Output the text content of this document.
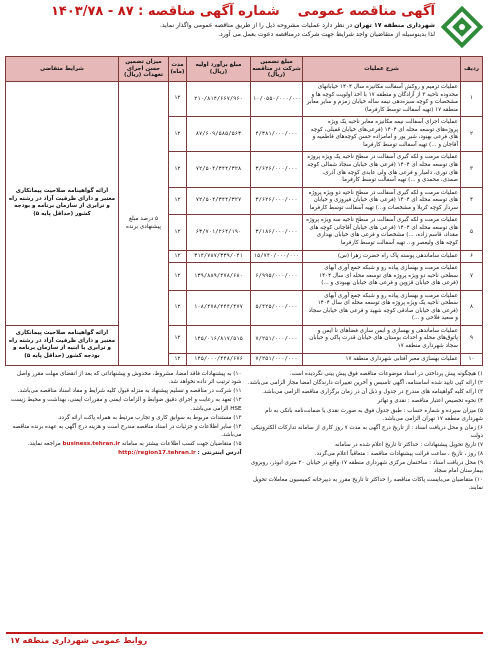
آگهی مناقصه عمومی    شماره آگهی مناقصه : ۸۷ - ۱۴۰۳/۷۸
شهرداری منطقه ۱۷ تهران در نظر دارد عملیات مشروحه ذیل را از طریق مناقصه عمومی واگذار نماید.
لذا بدینوسیله از متقاضیان واجد شرایط جهت شرکت درمناقصه دعوت بعمل می آورد.
ردیف	شرح عملیات	مبلغ تضمین شرکت در مناقصه (ریال)	مبلغ برآورد اولیه (ریال)	مدت (ماه)	میزان تضمین حسن اجرای تعهدات (ریال)	شرایط متقاضی
۱	عملیات ترمیم و روکش آسفالت مکانیزه سال ۱۴۰۴ خیابانهای محدوده ناحیه ۳ از آزادگان و منطقه ۱۷ با اخذ اولویت کوچه ها و مشخصات و کوچه سبزه‌دهی نیمه ساله خیابان زمزم و سایر معابر منطقه ۱۷ (تهیه آسفالت توسط کارفرما)	۱۰/۰۵۵۰/۰۰۰/۰۰۰	۲۱۰/۸۱۴/۶۶۷/۹۶۰	۱۲	۵ درصد مبلغ پیشنهادی برنده	ارائه گواهینامه صلاحیت پیمانکاری معتبر و دارای ظرفیت آزاد در رشته راه و ترابری از سازمان برنامه و بودجه کشور (حداقل پایه ۵)
۲	عملیات اجرای آسفالت نیمه مکانیزه معابر ناحیه یک ویژه پروژه‌های توسعه محله ای ۱۴۰۴ (فرعی‌های خیابان قفیلی، کوچه های فرعی بهبود، شیر پور و امامزاده حسن کوچه‌های فاطمیه و آقاجان و ...) تهیه آسفالت توسط کارفرما	۴/۳۸۱/۰۰۰/۰۰۰	۸۷/۶۰۹/۵۸۵/۵۶۳	۱۲		
۳	عملیات مرمت و لکه گیری آسفالت در سطح ناحیه یک ویژه پروژه های توسعه محله ای ۱۴۰۴ (فرعی های خیابان سجاد شمالی کوچه های نوری، دامیار و فرعی های ولی عابدی کوچه های آذری، صمدی، محمدی و ...) تهیه آسفالت توسط کارفرما	۳/۶۲۶/۰۰۰/۰۰۰	۷۲/۵۰۴/۳۴۴/۳۲۸	۱۲		
۴	عملیات مرمت و لکه گیری آسفالت در سطح ناحیه دو ویژه پروژه های توسعه محله ای ۱۴۰۴ (فرعی های خیابان فیروزی و خیابان سردار کوچه کربلا و مشخصات و...) تهیه آسفالت توسط کارفرما	۳/۶۲۶/۰۰۰/۰۰۰	۷۲/۵۰۴/۳۴۴/۳۲۷	۱۲		
۵	عملیات مرمت و لکه گیری آسفالت در سطح ناحیه سه ویژه پروژه های توسعه محله ای ۱۴۰۴ (فرعی های خیابان آقاجانی کوچه های مقداد، قاسم زاده، ...) مشخصات و فرعی های خیابان بهداری کوچه های ولیعصر و... تهیه آسفالت توسط کارفرما	۳/۱۸۶/۰۰۰/۰۰۰	۶۳/۷۰۱/۲۶۴/۱۹۰	۱۲		
۶	عملیات ساماندهی پوسته پاک راه حضرت زهرا (س)	۱۵/۷۴۰/۰۰۰/۰۰۰	۳۱۴/۷۸۷/۳۳۹/۰۴۱	۱۲		
۷	عملیات مرمت و بهسازی پیاده رو و شبکه جمع آوری آبهای سطحی ناحیه دو ویژه پروژه های توسعه محله ای سال ۱۴۰۴ (فرعی های خیابان قزوین و فرعی های خیابان بهبودی و ...)	۶/۹۹۵/۰۰۰/۰۰۰	۱۳۹/۸۸۹/۴۷۸/۶۸۰	۱۲		
۸	عملیات مرمت و بهسازی پیاده رو و شبکه جمع آوری آبهای سطحی ناحیه یک ویژه پروژه های توسعه محله ای سال ۱۴۰۴ (فرعی های خیابان صادقی کوچه شهید و فرعی های خیابان سجاد و سعید فلاحی و ...)	۵/۴۲۵/۰۰۰/۰۰۰	۱۰۸/۴۷۸/۴۴۴/۴۷۷	۱۲		
۹	عملیات ساماندهی و بهسازی و ایمن سازی فضاهای نا ایمن و پاتوق‌های محله و احداث بوستان های خیابان قدرت پاکی و حیابان سجاد شهرداری منطقه ۱۷	۷/۲۵۱/۰۰۰/۰۰۰	۱۴۵/۰۱۶/۸۱۷/۵۱۵	۱۲		ارائه گواهینامه صلاحیت پیمانکاری معتبر و دارای ظرفیت آزاد در رشته راه و ترابری یا ابنیه از سازمان برنامه و بودجه کشور (حداقل پایه ۵)
۱۰	عملیات بهسازی معبر آفتابی شهرداری منطقه ۱۷	۷/۲۵۱/۰۰۰/۰۰۰	۱۴۵/۰۰۰/۴۴۸/۶۷۶	۱۲		

۱) هیچگونه پیش پرداختی در اسناد موضوعات مناقصه فوق پیش بینی نگردیده است.

۲) ارائه کپی تایید شده اساسنامه، آگهی تاسیس و آخرین تغییرات دارندگان امضا مجاز الزامی می‌باشد.

۳) ارائه کلیه گواهینامه های مندرج در جدول و ذیل آن در زمان برگزاری مناقصه الزامی می‌باشد.

۴) نحوه تخصیص اعتبار مناقصه : نقدی و تهاتر

۵) میزان سپرده و شماره حساب : طبق جدول فوق به صورت نقدی یا ضمانت‌نامه بانکی به نام شهرداری منطقه ۱۷ تهران الزامی می‌باشد.

۶) زمان و محل دریافت اسناد : از تاریخ درج آگهی به مدت ۷ روز کاری از سامانه تدارکات الکترونیکی دولت

۷) تاریخ تحویل پیشنهادات : حداکثر تا تاریخ اعلام شده در سامانه

۸) روز ، تاریخ ، ساعت قرائت پیشنهادات مناقصه : متعاقباً اعلام می‌گردد.

۹) محل دریافت اسناد : ساختمان مرکزی شهرداری منطقه ۱۷ واقع در خیابان ۲۰ متری ابوذر، روبروی بیمارستان امام سجاد

۱۰) متقاضیان می‌بایست پاکات مناقصه را حداکثر تا تاریخ مقرر به دبیرخانه کمیسیون معاملات تحویل نمایند.

۱۰) به پیشنهادات فاقد امضا، مشروط، مخدوش و پیشنهاداتی که بعد از انقضای مهلت مقرر واصل شود ترتیب اثر داده نخواهد شد.

۱۱) شرکت در مناقصه و تسلیم پیشنهاد به منزله قبول کلیه شرایط و مفاد اسناد مناقصه می‌باشد.

۱۲) تعهد به رعایت و اجرای دقیق ضوابط و الزامات ایمنی و مقررات ایمنی، بهداشت و محیط زیست HSE الزامی می‌باشد.

۱۳) مستندات مربوط به سوابق کاری و تجارب مرتبط به همراه پاکت ارائه گردد.

۱۴) سایر اطلاعات و جزئیات در اسناد مناقصه مندرج است و هزینه درج آگهی به عهده برنده مناقصه می‌باشد.

۱۵) متقاضیان جهت کسب اطلاعات بیشتر به سامانه business.tehran.ir مراجعه نمایند.

آدرس اینترنتی : http://region17.tehran.ir

روابط عمومی شهرداری منطقه ۱۷
